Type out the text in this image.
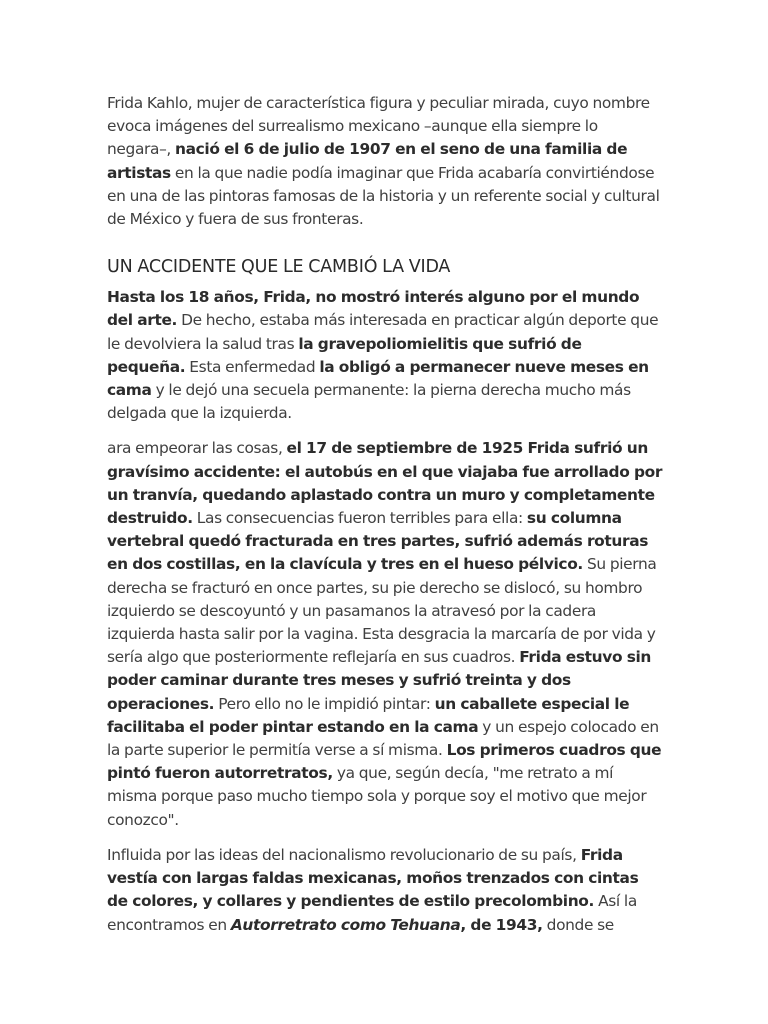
Frida Kahlo, mujer de característica figura y peculiar mirada, cuyo nombre evoca imágenes del surrealismo mexicano –aunque ella siempre lo negara–, nació el 6 de julio de 1907 en el seno de una familia de artistas en la que nadie podía imaginar que Frida acabaría convirtiéndose en una de las pintoras famosas de la historia y un referente social y cultural de México y fuera de sus fronteras.

UN ACCIDENTE QUE LE CAMBIÓ LA VIDA

Hasta los 18 años, Frida, no mostró interés alguno por el mundo del arte. De hecho, estaba más interesada en practicar algún deporte que le devolviera la salud tras la gravepoliomielitis que sufrió de pequeña. Esta enfermedad la obligó a permanecer nueve meses en cama y le dejó una secuela permanente: la pierna derecha mucho más delgada que la izquierda.

ara empeorar las cosas, el 17 de septiembre de 1925 Frida sufrió un gravísimo accidente: el autobús en el que viajaba fue arrollado por un tranvía, quedando aplastado contra un muro y completamente destruido. Las consecuencias fueron terribles para ella: su columna vertebral quedó fracturada en tres partes, sufrió además roturas en dos costillas, en la clavícula y tres en el hueso pélvico. Su pierna derecha se fracturó en once partes, su pie derecho se dislocó, su hombro izquierdo se descoyuntó y un pasamanos la atravesó por la cadera izquierda hasta salir por la vagina. Esta desgracia la marcaría de por vida y sería algo que posteriormente reflejaría en sus cuadros. Frida estuvo sin poder caminar durante tres meses y sufrió treinta y dos operaciones. Pero ello no le impidió pintar: un caballete especial le facilitaba el poder pintar estando en la cama y un espejo colocado en la parte superior le permitía verse a sí misma. Los primeros cuadros que pintó fueron autorretratos, ya que, según decía, "me retrato a mí misma porque paso mucho tiempo sola y porque soy el motivo que mejor conozco".

Influida por las ideas del nacionalismo revolucionario de su país, Frida vestía con largas faldas mexicanas, moños trenzados con cintas de colores, y collares y pendientes de estilo precolombino. Así la encontramos en Autorretrato como Tehuana, de 1943, donde se
